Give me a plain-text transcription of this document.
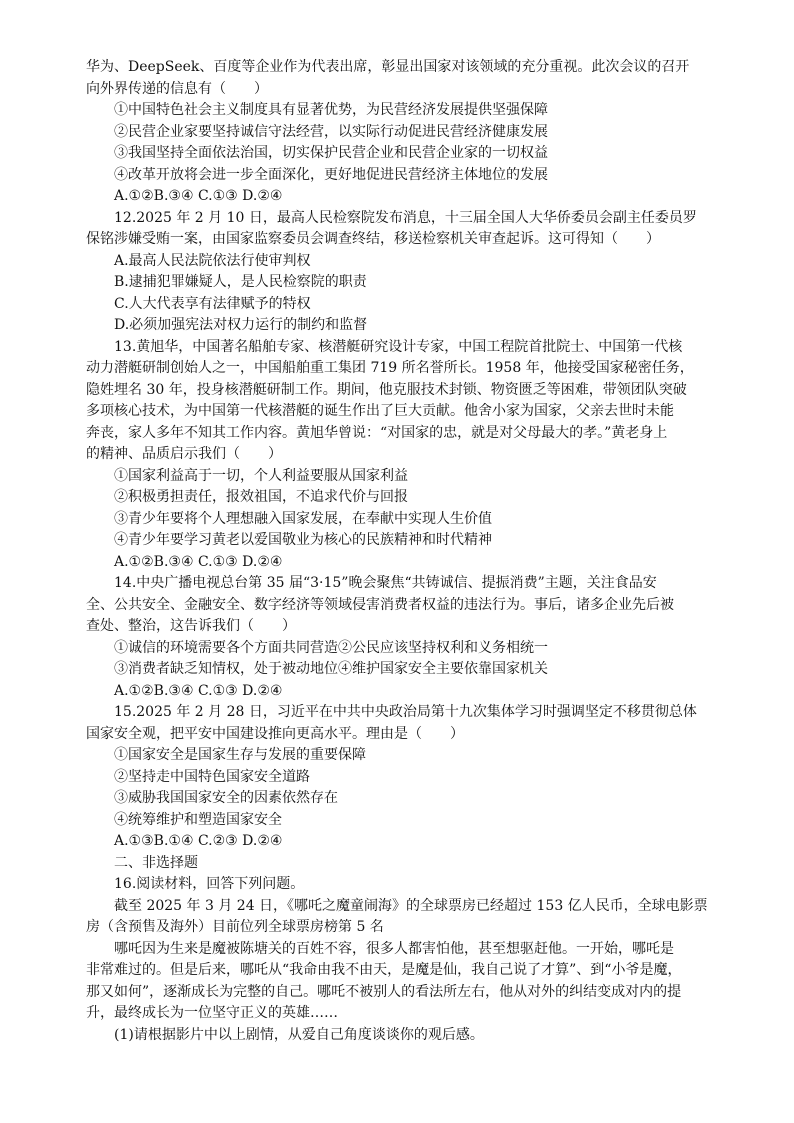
华为、DeepSeek、百度等企业作为代表出席，彰显出国家对该领域的充分重视。此次会议的召开
向外界传递的信息有（　　）
①中国特色社会主义制度具有显著优势，为民营经济发展提供坚强保障
②民营企业家要坚持诚信守法经营，以实际行动促进民营经济健康发展
③我国坚持全面依法治国，切实保护民营企业和民营企业家的一切权益
④改革开放将会进一步全面深化，更好地促进民营经济主体地位的发展
A.①②B.③④ C.①③ D.②④
12.2025 年 2 月 10 日，最高人民检察院发布消息，十三届全国人大华侨委员会副主任委员罗
保铭涉嫌受贿一案，由国家监察委员会调查终结，移送检察机关审查起诉。这可得知（　　）
A.最高人民法院依法行使审判权
B.逮捕犯罪嫌疑人，是人民检察院的职责
C.人大代表享有法律赋予的特权
D.必须加强宪法对权力运行的制约和监督
13.黄旭华，中国著名船舶专家、核潜艇研究设计专家，中国工程院首批院士、中国第一代核
动力潜艇研制创始人之一，中国船舶重工集团 719 所名誉所长。1958 年，他接受国家秘密任务，
隐姓埋名 30 年，投身核潜艇研制工作。期间，他克服技术封锁、物资匮乏等困难，带领团队突破
多项核心技术，为中国第一代核潜艇的诞生作出了巨大贡献。他舍小家为国家，父亲去世时未能
奔丧，家人多年不知其工作内容。黄旭华曾说：“对国家的忠，就是对父母最大的孝。”黄老身上
的精神、品质启示我们（　　）
①国家利益高于一切，个人利益要服从国家利益
②积极勇担责任，报效祖国，不追求代价与回报
③青少年要将个人理想融入国家发展，在奉献中实现人生价值
④青少年要学习黄老以爱国敬业为核心的民族精神和时代精神
A.①②B.③④ C.①③ D.②④
14.中央广播电视总台第 35 届“3·15”晚会聚焦“共铸诚信、提振消费”主题，关注食品安
全、公共安全、金融安全、数字经济等领域侵害消费者权益的违法行为。事后，诸多企业先后被
查处、整治，这告诉我们（　　）
①诚信的环境需要各个方面共同营造②公民应该坚持权利和义务相统一
③消费者缺乏知情权，处于被动地位④维护国家安全主要依靠国家机关
A.①②B.③④ C.①③ D.②④
15.2025 年 2 月 28 日，习近平在中共中央政治局第十九次集体学习时强调坚定不移贯彻总体
国家安全观，把平安中国建设推向更高水平。理由是（　　）
①国家安全是国家生存与发展的重要保障
②坚持走中国特色国家安全道路
③威胁我国国家安全的因素依然存在
④统筹维护和塑造国家安全
A.①③B.①④ C.②③ D.②④
二、非选择题
16.阅读材料，回答下列问题。
截至 2025 年 3 月 24 日，《哪吒之魔童闹海》的全球票房已经超过 153 亿人民币，全球电影票
房（含预售及海外）目前位列全球票房榜第 5 名
哪吒因为生来是魔被陈塘关的百姓不容，很多人都害怕他，甚至想驱赶他。一开始，哪吒是
非常难过的。但是后来，哪吒从“我命由我不由天，是魔是仙，我自己说了才算”、到“小爷是魔，
那又如何”，逐渐成长为完整的自己。哪吒不被别人的看法所左右，他从对外的纠结变成对内的提
升，最终成长为一位坚守正义的英雄……
(1)请根据影片中以上剧情，从爱自己角度谈谈你的观后感。
